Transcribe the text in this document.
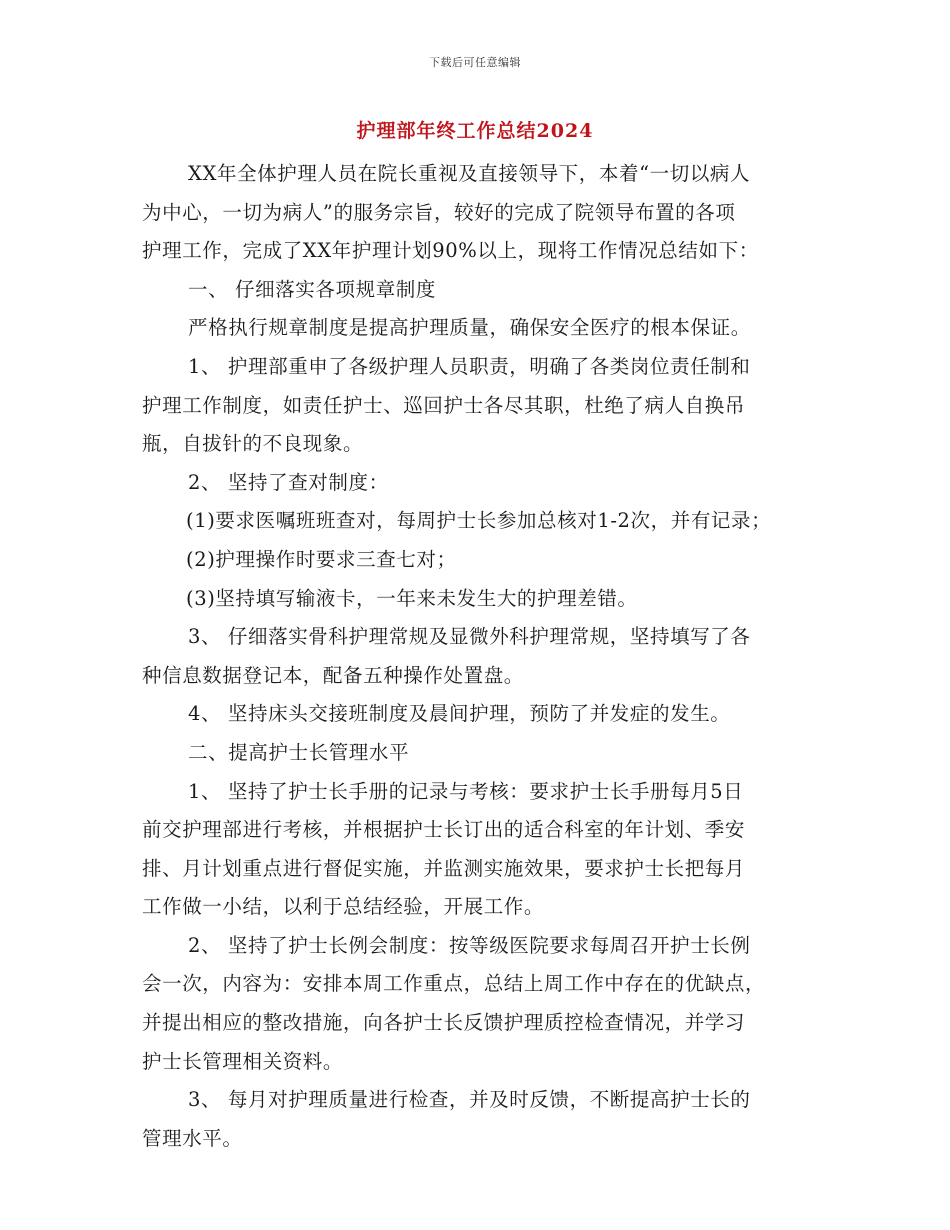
下载后可任意编辑
护理部年终工作总结2024
XX年全体护理人员在院长重视及直接领导下，本着“一切以病人
为中心，一切为病人”的服务宗旨，较好的完成了院领导布置的各项
护理工作，完成了XX年护理计划90%以上，现将工作情况总结如下：
一、 仔细落实各项规章制度
严格执行规章制度是提高护理质量，确保安全医疗的根本保证。
1、 护理部重申了各级护理人员职责，明确了各类岗位责任制和
护理工作制度，如责任护士、巡回护士各尽其职，杜绝了病人自换吊
瓶，自拔针的不良现象。
2、 坚持了查对制度：
(1)要求医嘱班班查对，每周护士长参加总核对1-2次，并有记录；
(2)护理操作时要求三查七对；
(3)坚持填写输液卡，一年来未发生大的护理差错。
3、 仔细落实骨科护理常规及显微外科护理常规，坚持填写了各
种信息数据登记本，配备五种操作处置盘。
4、 坚持床头交接班制度及晨间护理，预防了并发症的发生。
二、提高护士长管理水平
1、 坚持了护士长手册的记录与考核：要求护士长手册每月5日
前交护理部进行考核，并根据护士长订出的适合科室的年计划、季安
排、月计划重点进行督促实施，并监测实施效果，要求护士长把每月
工作做一小结，以利于总结经验，开展工作。
2、 坚持了护士长例会制度：按等级医院要求每周召开护士长例
会一次，内容为：安排本周工作重点，总结上周工作中存在的优缺点，
并提出相应的整改措施，向各护士长反馈护理质控检查情况，并学习
护士长管理相关资料。
3、 每月对护理质量进行检查，并及时反馈，不断提高护士长的
管理水平。
